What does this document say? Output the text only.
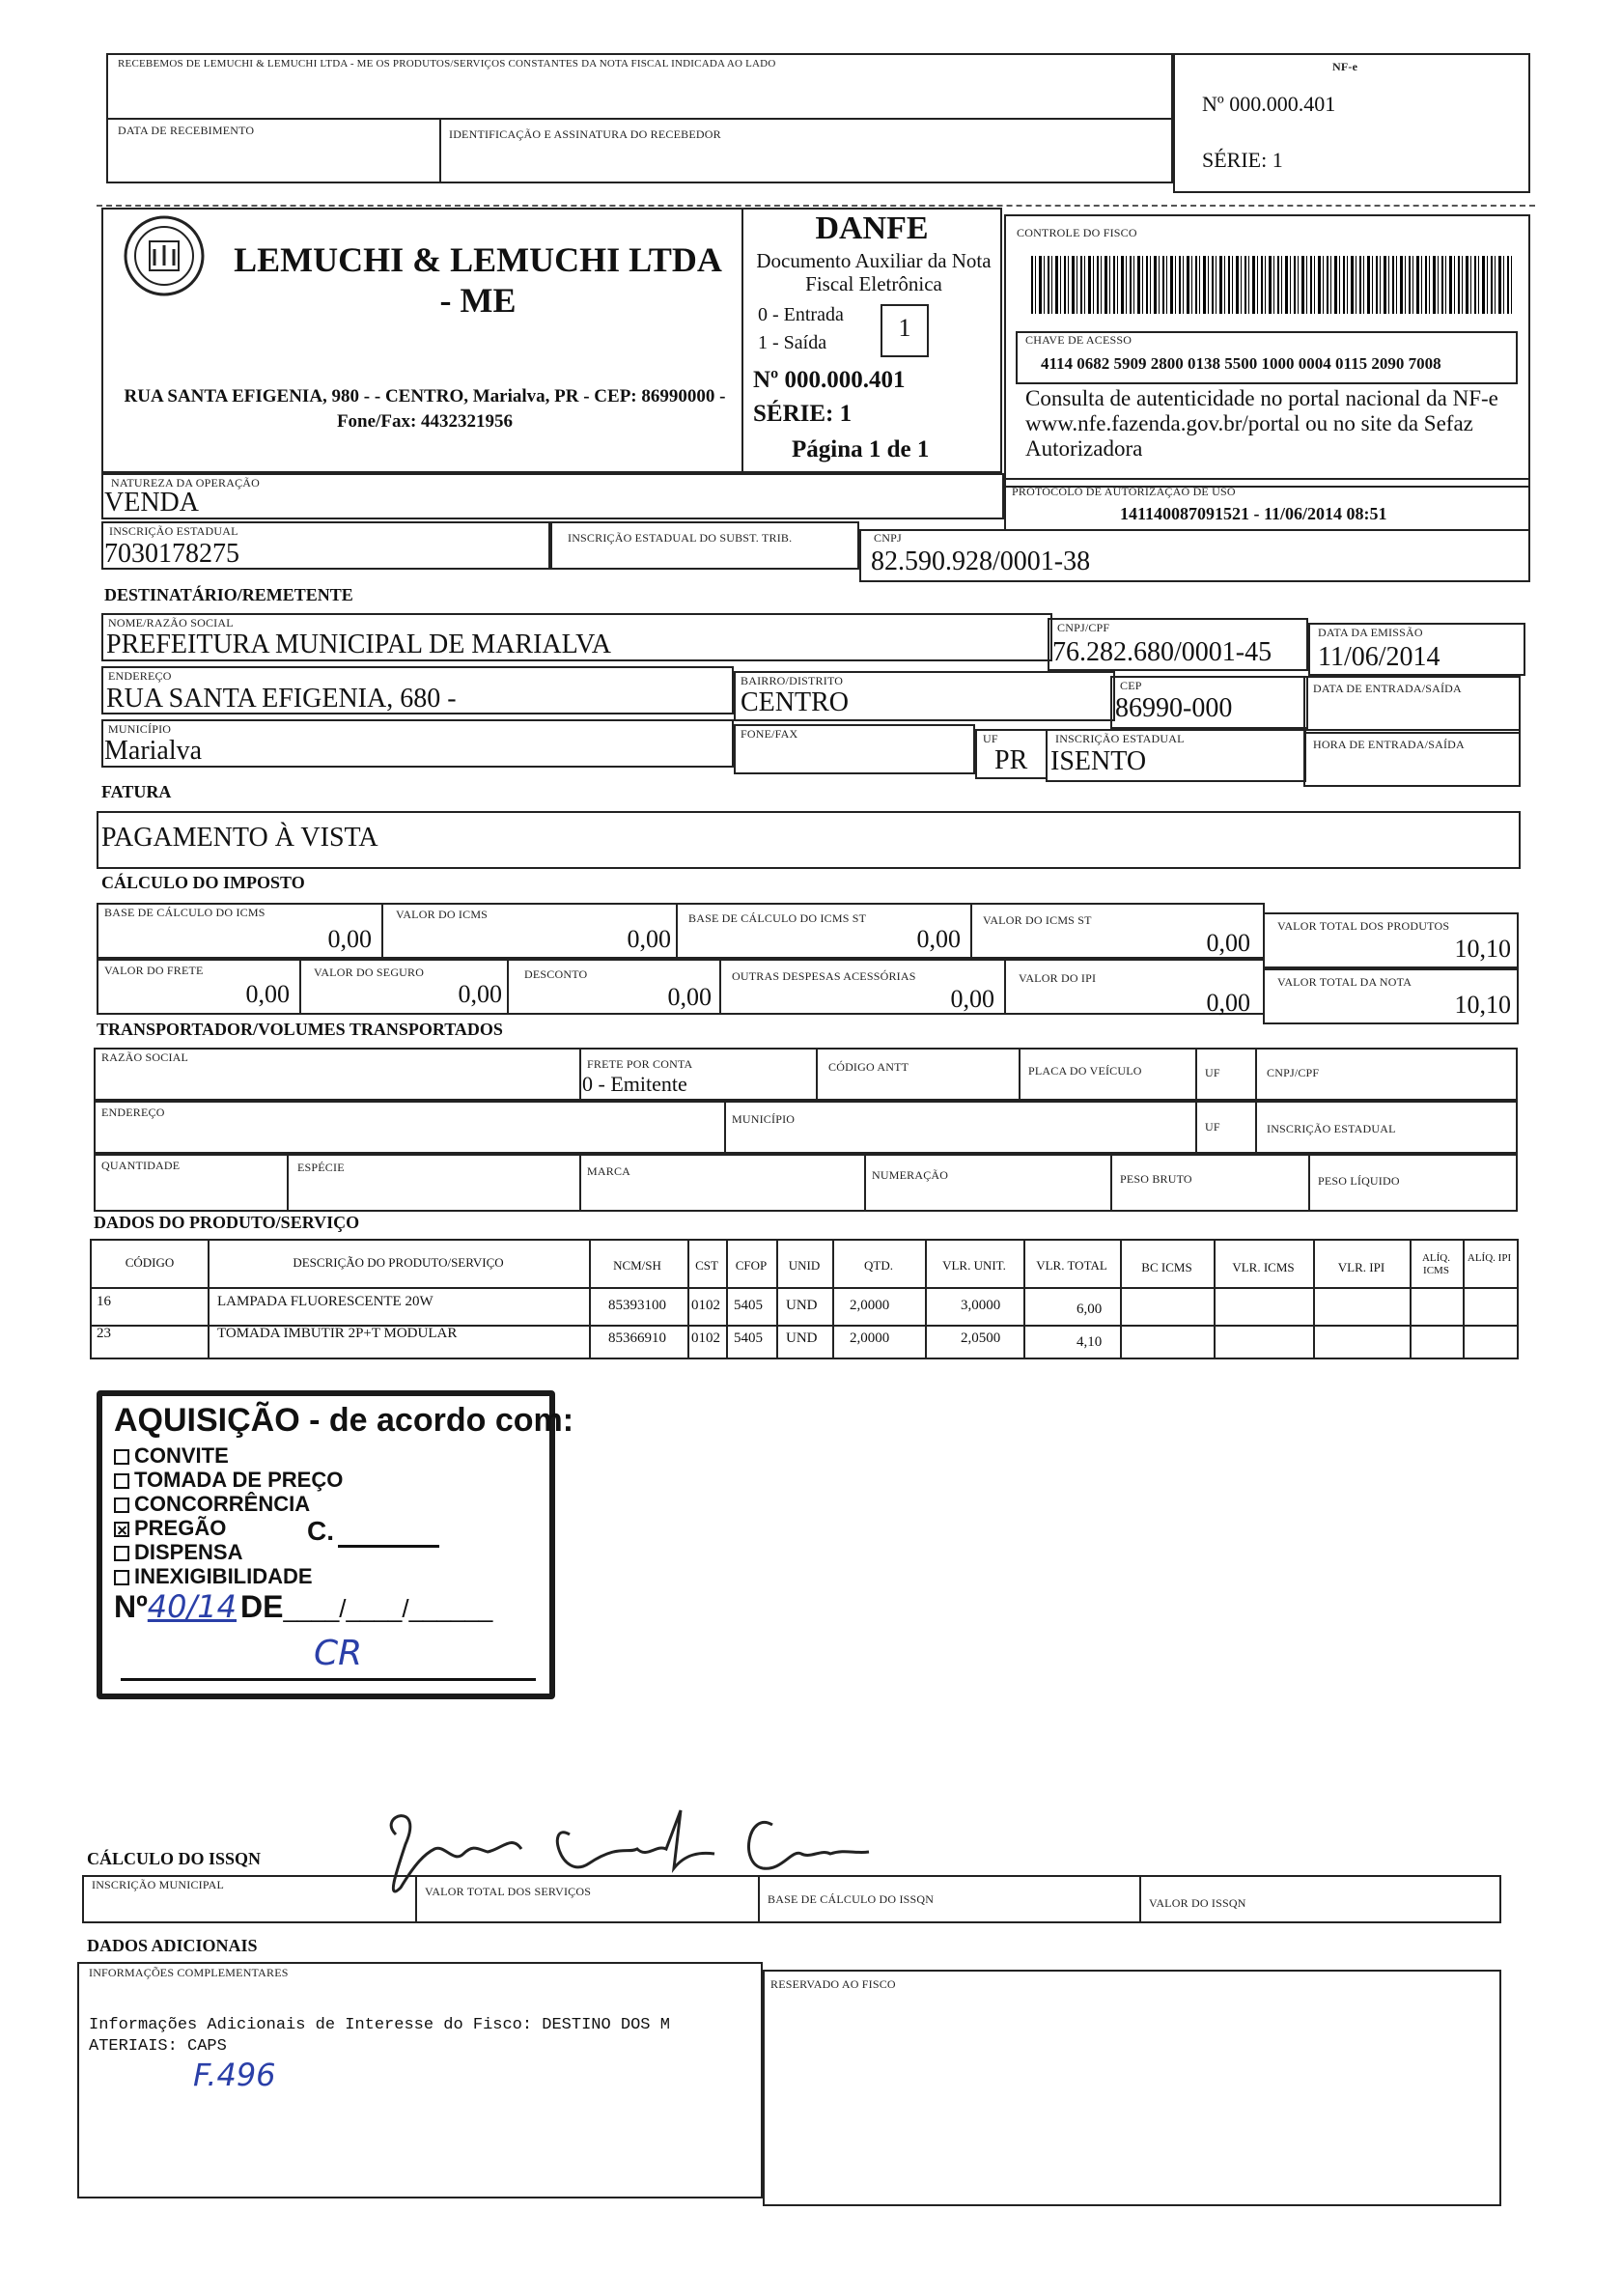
RECEBEMOS DE LEMUCHI & LEMUCHI LTDA - ME OS PRODUTOS/SERVIÇOS CONSTANTES DA NOTA FISCAL INDICADA AO LADO
DATA DE RECEBIMENTO	IDENTIFICAÇÃO E ASSINATURA DO RECEBEDOR
NF-e
Nº 000.000.401
SÉRIE: 1
LEMUCHI & LEMUCHI LTDA - ME
RUA SANTA EFIGENIA, 980 - - CENTRO, Marialva, PR - CEP: 86990000 - Fone/Fax: 4432321956
DANFE
Documento Auxiliar da Nota Fiscal Eletrônica
0 - Entrada
1 - Saída
1
Nº 000.000.401
SÉRIE: 1
Página 1 de 1
CONTROLE DO FISCO
CHAVE DE ACESSO
4114 0682 5909 2800 0138 5500 1000 0004 0115 2090 7008
Consulta de autenticidade no portal nacional da NF-e www.nfe.fazenda.gov.br/portal ou no site da Sefaz Autorizadora
NATUREZA DA OPERAÇÃO
VENDA	PROTOCOLO DE AUTORIZAÇÃO DE USO
141140087091521 - 11/06/2014 08:51
INSCRIÇÃO ESTADUAL
7030178275
INSCRIÇÃO ESTADUAL DO SUBST. TRIB.	CNPJ
82.590.928/0001-38
DESTINATÁRIO/REMETENTE
NOME/RAZÃO SOCIAL
PREFEITURA MUNICIPAL DE MARIALVA
CNPJ/CPF
76.282.680/0001-45
DATA DA EMISSÃO
11/06/2014
ENDEREÇO
RUA SANTA EFIGENIA, 680 -
BAIRRO/DISTRITO
CENTRO
CEP
86990-000
DATA DE ENTRADA/SAÍDA
MUNICÍPIO
Marialva
FONE/FAX	UF
PR
INSCRIÇÃO ESTADUAL
ISENTO
HORA DE ENTRADA/SAÍDA
FATURA
PAGAMENTO À VISTA
CÁLCULO DO IMPOSTO
BASE DE CÁLCULO DO ICMS
0,00
VALOR DO ICMS
0,00
BASE DE CÁLCULO DO ICMS ST
0,00
VALOR DO ICMS ST
0,00
VALOR TOTAL DOS PRODUTOS
10,10
VALOR DO FRETE
0,00
VALOR DO SEGURO
0,00
DESCONTO
0,00
OUTRAS DESPESAS ACESSÓRIAS
0,00
VALOR DO IPI
0,00
VALOR TOTAL DA NOTA
10,10
TRANSPORTADOR/VOLUMES TRANSPORTADOS
RAZÃO SOCIAL	FRETE POR CONTA
0 - Emitente
CÓDIGO ANTT	PLACA DO VEÍCULO	UF	CNPJ/CPF
ENDEREÇO	MUNICÍPIO
UF	INSCRIÇÃO ESTADUAL
QUANTIDADE	ESPÉCIE	MARCA	NUMERAÇÃO	PESO BRUTO	PESO LÍQUIDO
DADOS DO PRODUTO/SERVIÇO
CÓDIGO	DESCRIÇÃO DO PRODUTO/SERVIÇO	NCM/SH	CST	CFOP	UNID	QTD.	VLR. UNIT.	VLR. TOTAL	BC ICMS	VLR. ICMS	VLR. IPI
ALÍQ. ICMS
ALÍQ. IPI
16	LAMPADA FLUORESCENTE 20W	85393100 0102 5405 UND 2,0000	3,0000	6,00
23	TOMADA IMBUTIR 2P+T MODULAR	85366910 0102 5405 UND 2,0000	2,0500	4,10
AQUISIÇÃO - de acordo com:
CONVITE
TOMADA DE PREÇO
CONCORRÊNCIA
PREGÃO
DISPENSA
INEXIGIBILIDADE
C.
Nº40/14 DE____/____/______
CR
CÁLCULO DO ISSQN
INSCRIÇÃO MUNICIPAL	VALOR TOTAL DOS SERVIÇOS
BASE DE CÁLCULO DO ISSQN	VALOR DO ISSQN
DADOS ADICIONAIS
INFORMAÇÕES COMPLEMENTARES
Informações Adicionais de Interesse do Fisco: DESTINO DOS M
ATERIAIS: CAPS
F.496
RESERVADO AO FISCO
